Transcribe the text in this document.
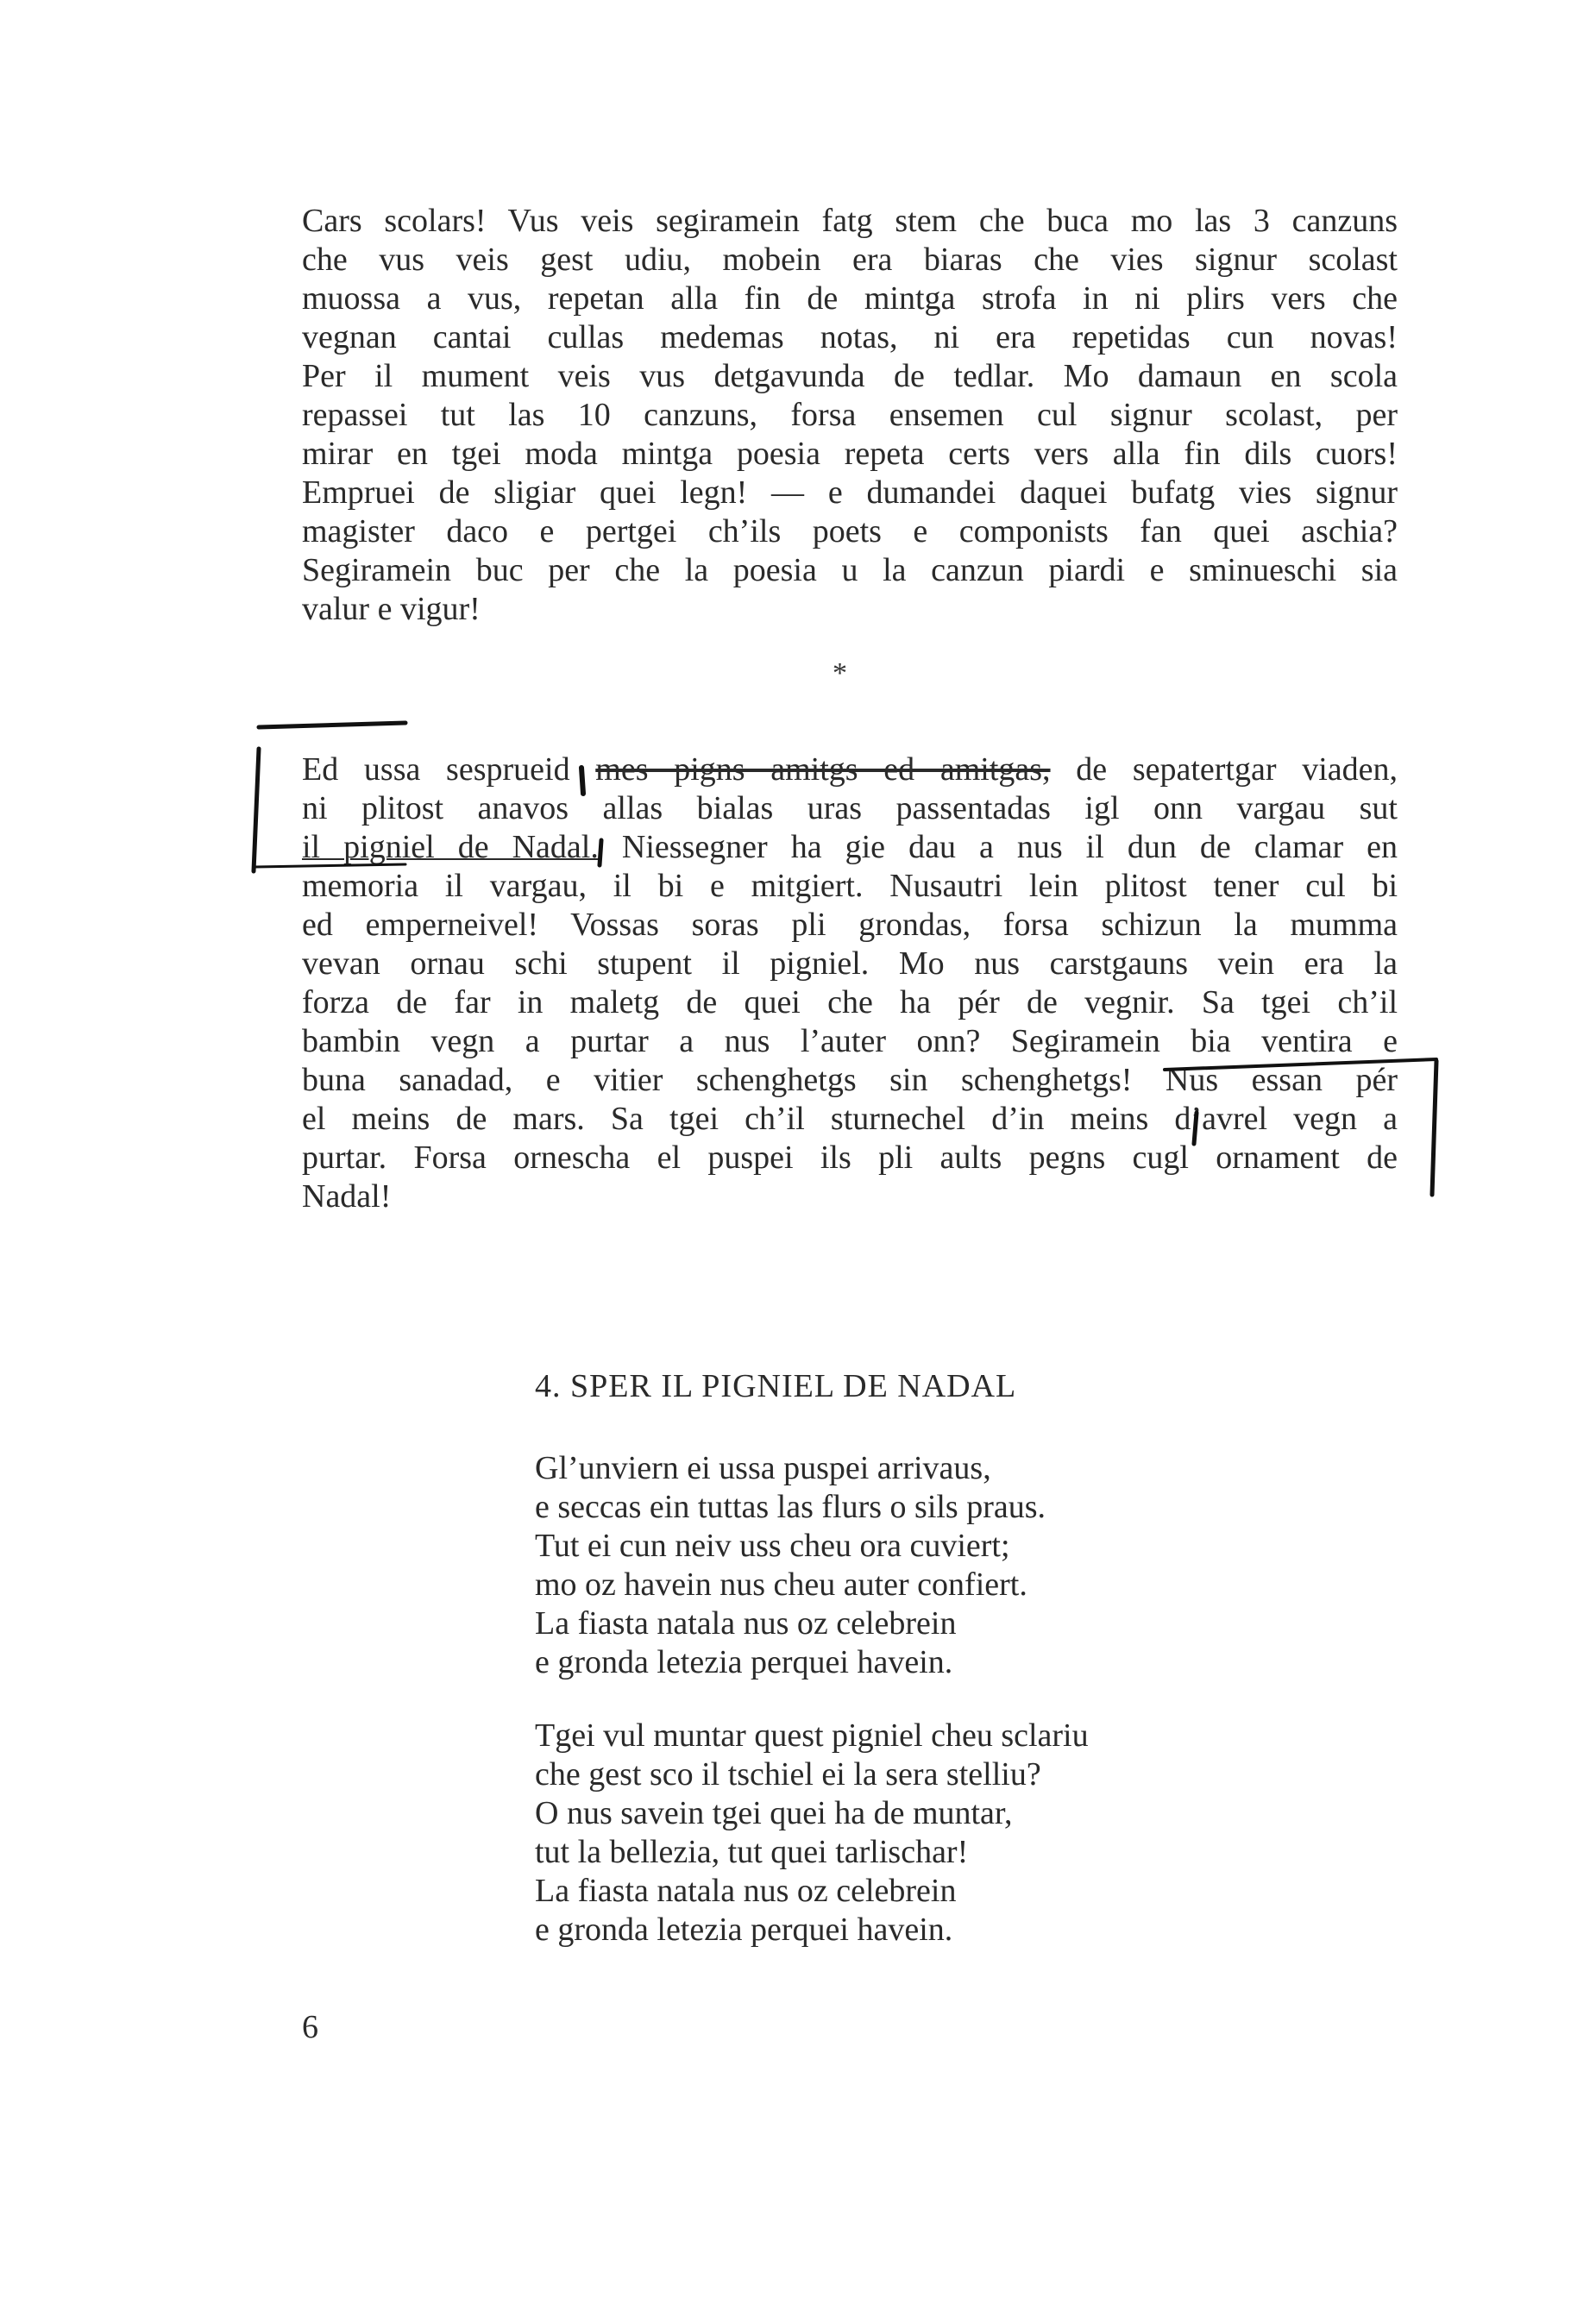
Cars scolars! Vus veis segiramein fatg stem che buca mo las 3 canzuns
che vus veis gest udiu, mobein era biaras che vies signur scolast
muossa a vus, repetan alla fin de mintga strofa in ni plirs vers che
vegnan cantai cullas medemas notas, ni era repetidas cun novas!
Per il mument veis vus detgavunda de tedlar. Mo damaun en scola
repassei tut las 10 canzuns, forsa ensemen cul signur scolast, per
mirar en tgei moda mintga poesia repeta certs vers alla fin dils cuors!
Empruei de sligiar quei legn! — e dumandei daquei bufatg vies signur
magister daco e pertgei ch’ils poets e componists fan quei aschia?
Segiramein buc per che la poesia u la canzun piardi e sminueschi sia
valur e vigur!
*
Ed ussa sesprueid mes pigns amitgs ed amitgas, de sepatertgar viaden,
ni plitost anavos allas bialas uras passentadas igl onn vargau sut
il pigniel de Nadal. Niessegner ha gie dau a nus il dun de clamar en
memoria il vargau, il bi e mitgiert. Nusautri lein plitost tener cul bi
ed emperneivel! Vossas soras pli grondas, forsa schizun la mumma
vevan ornau schi stupent il pigniel. Mo nus carstgauns vein era la
forza de far in maletg de quei che ha pér de vegnir. Sa tgei ch’il
bambin vegn a purtar a nus l’auter onn? Segiramein bia ventira e
buna sanadad, e vitier schenghetgs sin schenghetgs! Nus essan pér
el meins de mars. Sa tgei ch’il sturnechel d’in meins d’avrel vegn a
purtar. Forsa ornescha el puspei ils pli aults pegns cugl ornament de
Nadal!
4. SPER IL PIGNIEL DE NADAL
Gl’unviern ei ussa puspei arrivaus,
e seccas ein tuttas las flurs o sils praus.
Tut ei cun neiv uss cheu ora cuviert;
mo oz havein nus cheu auter confiert.
La fiasta natala nus oz celebrein
e gronda letezia perquei havein.
Tgei vul muntar quest pigniel cheu sclariu
che gest sco il tschiel ei la sera stelliu?
O nus savein tgei quei ha de muntar,
tut la bellezia, tut quei tarlischar!
La fiasta natala nus oz celebrein
e gronda letezia perquei havein.
6
